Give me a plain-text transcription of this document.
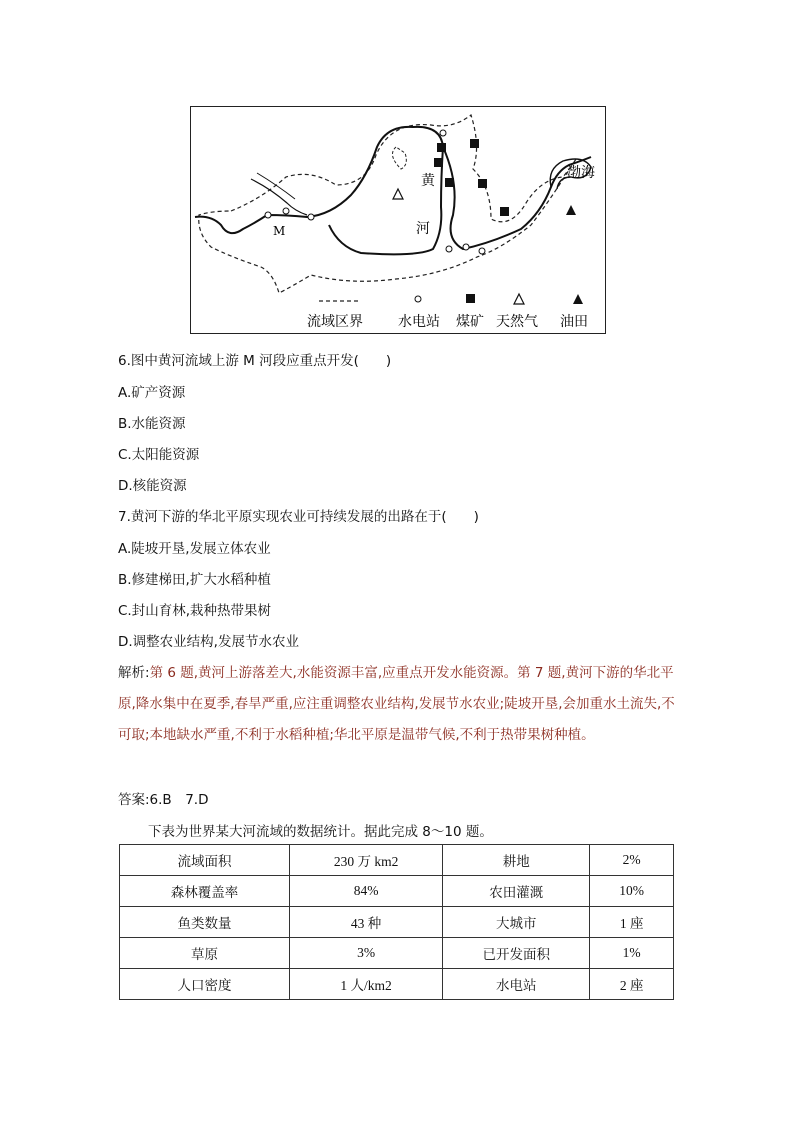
M
黄
河
渤海
流域区界	水电站 煤矿 天然气 油田
6.图中黄河流域上游 M 河段应重点开发(　　)
A.矿产资源
B.水能资源
C.太阳能资源
D.核能资源
7.黄河下游的华北平原实现农业可持续发展的出路在于(　　)
A.陡坡开垦,发展立体农业
B.修建梯田,扩大水稻种植
C.封山育林,栽种热带果树
D.调整农业结构,发展节水农业
解析:第 6 题,黄河上游落差大,水能资源丰富,应重点开发水能资源。第 7 题,黄河下游的华北平原,降水集中在夏季,春旱严重,应注重调整农业结构,发展节水农业;陡坡开垦,会加重水土流失,不可取;本地缺水严重,不利于水稻种植;华北平原是温带气候,不利于热带果树种植。
答案:6.B　7.D
下表为世界某大河流域的数据统计。据此完成 8～10 题。
流域面积	230 万 km2	耕地	2%
森林覆盖率	84%	农田灌溉	10%
鱼类数量	43 种	大城市	1 座
草原	3%	已开发面积	1%
人口密度	1 人/km2	水电站	2 座
